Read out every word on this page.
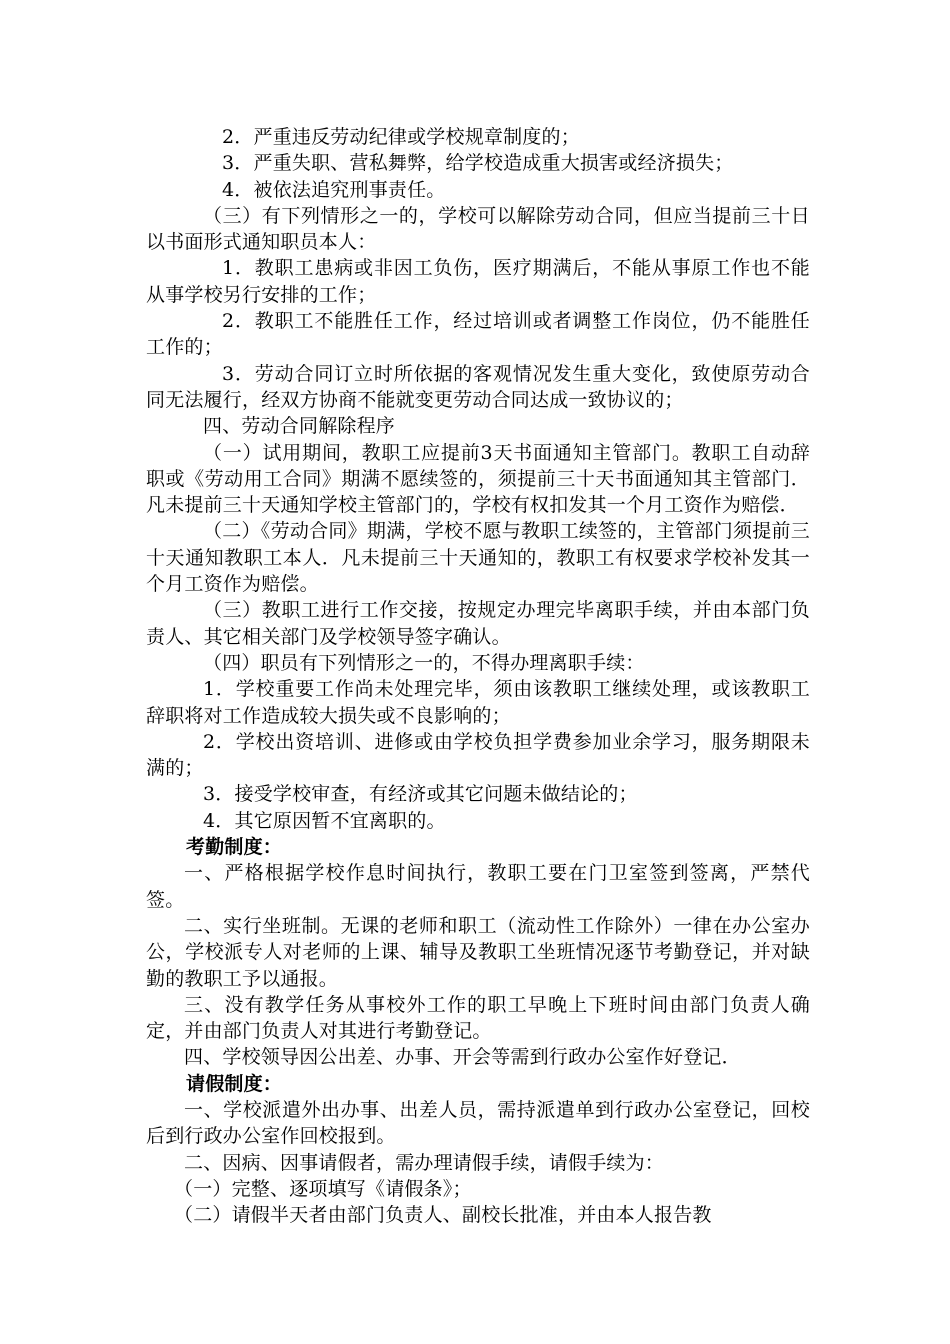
2．严重违反劳动纪律或学校规章制度的；

3．严重失职、营私舞弊，给学校造成重大损害或经济损失；

4．被依法追究刑事责任。

（三）有下列情形之一的，学校可以解除劳动合同，但应当提前三十日以书面形式通知职员本人：

1．教职工患病或非因工负伤，医疗期满后，不能从事原工作也不能从事学校另行安排的工作；

2．教职工不能胜任工作，经过培训或者调整工作岗位，仍不能胜任工作的；

3．劳动合同订立时所依据的客观情况发生重大变化，致使原劳动合同无法履行，经双方协商不能就变更劳动合同达成一致协议的；

四、劳动合同解除程序

（一）试用期间，教职工应提前3天书面通知主管部门。教职工自动辞职或《劳动用工合同》期满不愿续签的，须提前三十天书面通知其主管部门．凡未提前三十天通知学校主管部门的，学校有权扣发其一个月工资作为赔偿．

（二）《劳动合同》期满，学校不愿与教职工续签的，主管部门须提前三十天通知教职工本人．凡未提前三十天通知的，教职工有权要求学校补发其一个月工资作为赔偿。

（三）教职工进行工作交接，按规定办理完毕离职手续，并由本部门负责人、其它相关部门及学校领导签字确认。

（四）职员有下列情形之一的，不得办理离职手续：

1．学校重要工作尚未处理完毕，须由该教职工继续处理，或该教职工辞职将对工作造成较大损失或不良影响的；

2．学校出资培训、进修或由学校负担学费参加业余学习，服务期限未满的；

3．接受学校审查，有经济或其它问题未做结论的；

4．其它原因暂不宜离职的。

考勤制度：

一、严格根据学校作息时间执行，教职工要在门卫室签到签离，严禁代签。

二、实行坐班制。无课的老师和职工（流动性工作除外）一律在办公室办公，学校派专人对老师的上课、辅导及教职工坐班情况逐节考勤登记，并对缺勤的教职工予以通报。

三、没有教学任务从事校外工作的职工早晚上下班时间由部门负责人确定，并由部门负责人对其进行考勤登记。

四、学校领导因公出差、办事、开会等需到行政办公室作好登记．

请假制度：

一、学校派遣外出办事、出差人员，需持派遣单到行政办公室登记，回校后到行政办公室作回校报到。

二、因病、因事请假者，需办理请假手续，请假手续为：

（一）完整、逐项填写《请假条》；

（二）请假半天者由部门负责人、副校长批准，并由本人报告教
